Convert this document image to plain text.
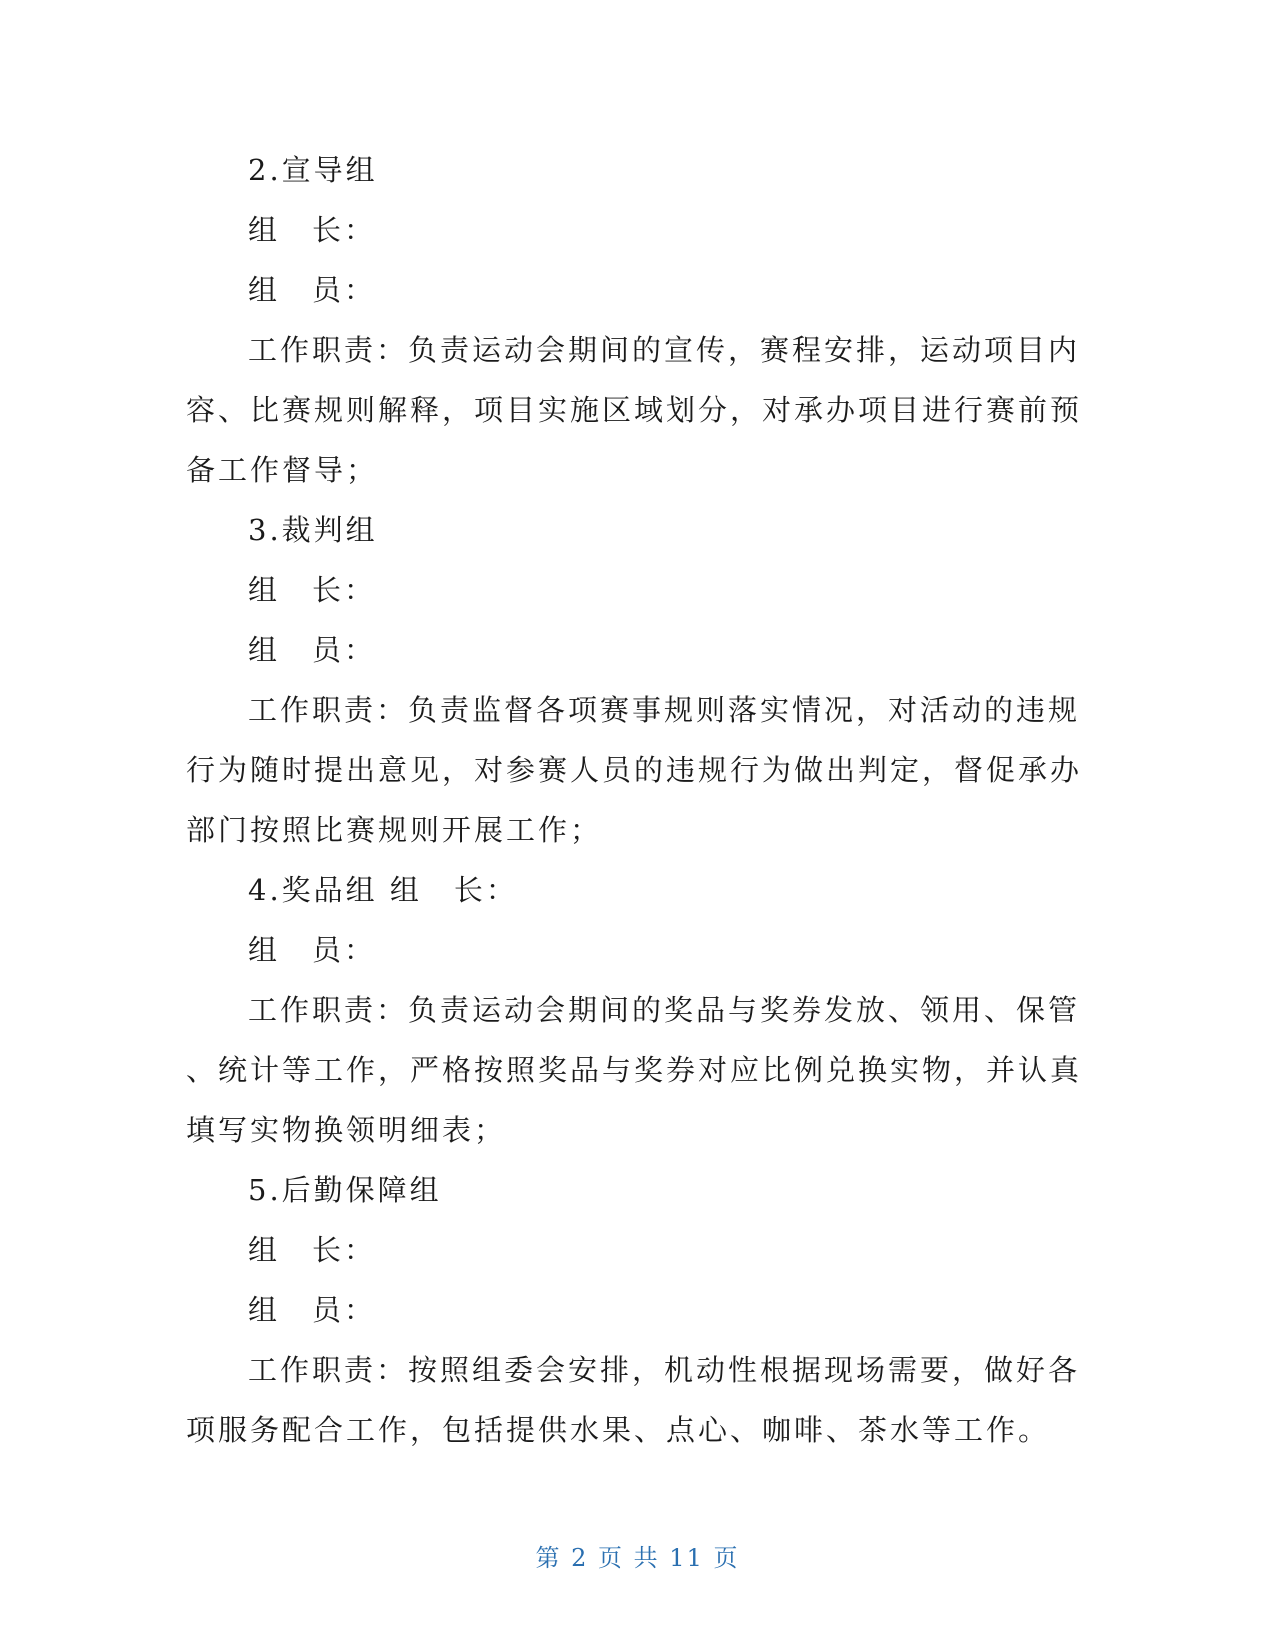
2.宣导组

组　长：

组　员：

工作职责：负责运动会期间的宣传，赛程安排，运动项目内
容、比赛规则解释，项目实施区域划分，对承办项目进行赛前预
备工作督导；

3.裁判组

组　长：

组　员：

工作职责：负责监督各项赛事规则落实情况，对活动的违规
行为随时提出意见，对参赛人员的违规行为做出判定，督促承办
部门按照比赛规则开展工作；

4.奖品组 组　长：

组　员：

工作职责：负责运动会期间的奖品与奖券发放、领用、保管
、统计等工作，严格按照奖品与奖券对应比例兑换实物，并认真
填写实物换领明细表；

5.后勤保障组

组　长：

组　员：

工作职责：按照组委会安排，机动性根据现场需要，做好各
项服务配合工作，包括提供水果、点心、咖啡、茶水等工作。
第 2 页 共 11 页
